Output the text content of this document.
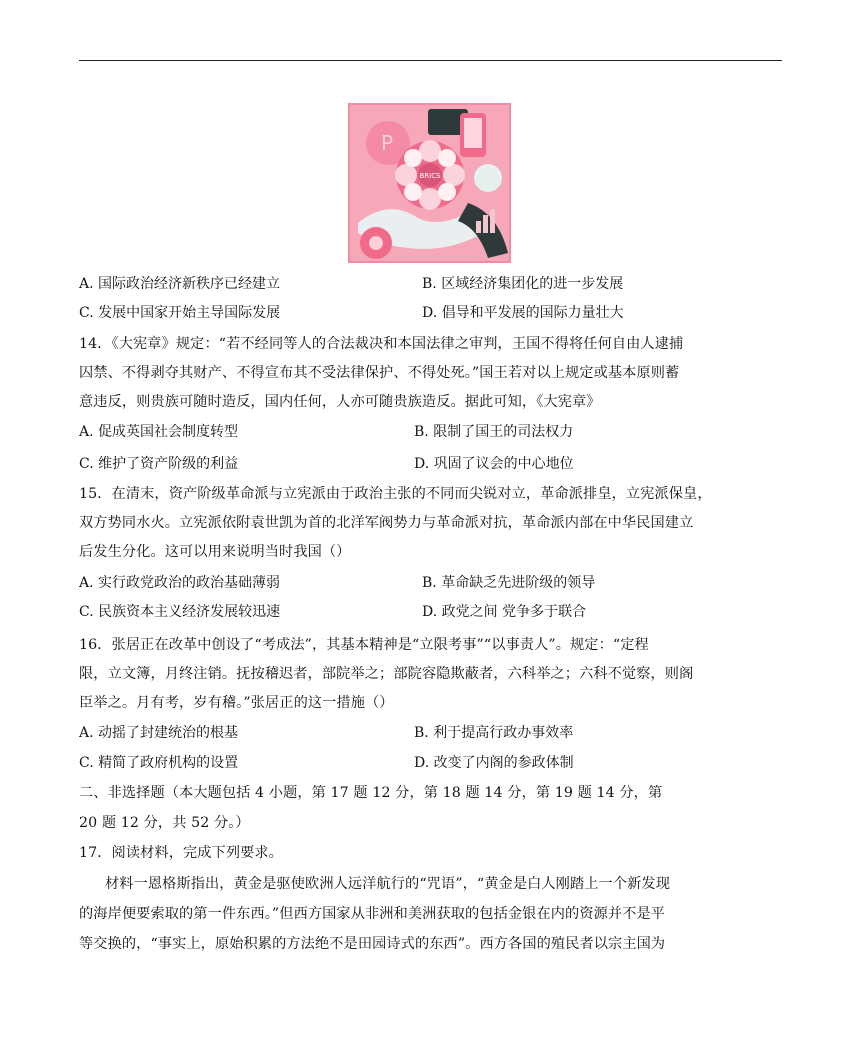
P
BRICS
A. 国际政治经济新秩序已经建立	B. 区域经济集团化的进一步发展
C. 发展中国家开始主导国际发展	D. 倡导和平发展的国际力量壮大
14．《大宪章》规定：“若不经同等人的合法裁决和本国法律之审判，王国不得将任何自由人逮捕
囚禁、不得剥夺其财产、不得宣布其不受法律保护、不得处死。”国王若对以上规定或基本原则蓄
意违反，则贵族可随时造反，国内任何，人亦可随贵族造反。据此可知，《大宪章》
A. 促成英国社会制度转型	B. 限制了国王的司法权力
C. 维护了资产阶级的利益	D. 巩固了议会的中心地位
15．在清末，资产阶级革命派与立宪派由于政治主张的不同而尖锐对立，革命派排皇，立宪派保皇，
双方势同水火。立宪派依附袁世凯为首的北洋军阀势力与革命派对抗，革命派内部在中华民国建立
后发生分化。这可以用来说明当时我国（）
A. 实行政党政治的政治基础薄弱	B. 革命缺乏先进阶级的领导
C. 民族资本主义经济发展较迅速	D. 政党之间 党争多于联合
16．张居正在改革中创设了“考成法”，其基本精神是“立限考事”“以事责人”。规定：“定程
限，立文簿，月终注销。抚按稽迟者，部院举之；部院容隐欺蔽者，六科举之；六科不觉察，则阁
臣举之。月有考，岁有稽。”张居正的这一措施（）
A. 动摇了封建统治的根基	B. 利于提高行政办事效率
C. 精简了政府机构的设置	D. 改变了内阁的参政体制
二、非选择题（本大题包括 4 小题，第 17 题 12 分，第 18 题 14 分，第 19 题 14 分，第
20 题 12 分，共 52 分。）
17．阅读材料，完成下列要求。
材料一恩格斯指出，黄金是驱使欧洲人远洋航行的“咒语”，“黄金是白人刚踏上一个新发现
的海岸便要索取的第一件东西。”但西方国家从非洲和美洲获取的包括金银在内的资源并不是平
等交换的，“事实上，原始积累的方法绝不是田园诗式的东西”。西方各国的殖民者以宗主国为
